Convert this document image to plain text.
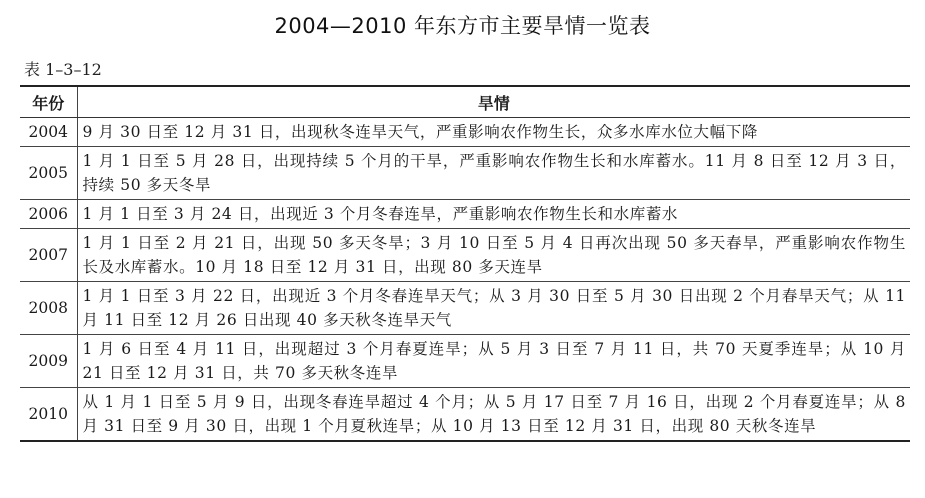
2004—2010 年东方市主要旱情一览表
表 1–3–12
年份	旱情
2004	9 月 30 日至 12 月 31 日，出现秋冬连旱天气，严重影响农作物生长，众多水库水位大幅下降
2005	1 月 1 日至 5 月 28 日，出现持续 5 个月的干旱，严重影响农作物生长和水库蓄水。11 月 8 日至 12 月 3 日，持续 50 多天冬旱
2006	1 月 1 日至 3 月 24 日，出现近 3 个月冬春连旱，严重影响农作物生长和水库蓄水
2007	1 月 1 日至 2 月 21 日，出现 50 多天冬旱；3 月 10 日至 5 月 4 日再次出现 50 多天春旱，严重影响农作物生长及水库蓄水。10 月 18 日至 12 月 31 日，出现 80 多天连旱
2008	1 月 1 日至 3 月 22 日，出现近 3 个月冬春连旱天气；从 3 月 30 日至 5 月 30 日出现 2 个月春旱天气；从 11 月 11 日至 12 月 26 日出现 40 多天秋冬连旱天气
2009	1 月 6 日至 4 月 11 日，出现超过 3 个月春夏连旱；从 5 月 3 日至 7 月 11 日，共 70 天夏季连旱；从 10 月 21 日至 12 月 31 日，共 70 多天秋冬连旱
2010	从 1 月 1 日至 5 月 9 日，出现冬春连旱超过 4 个月；从 5 月 17 日至 7 月 16 日，出现 2 个月春夏连旱；从 8 月 31 日至 9 月 30 日，出现 1 个月夏秋连旱；从 10 月 13 日至 12 月 31 日，出现 80 天秋冬连旱
